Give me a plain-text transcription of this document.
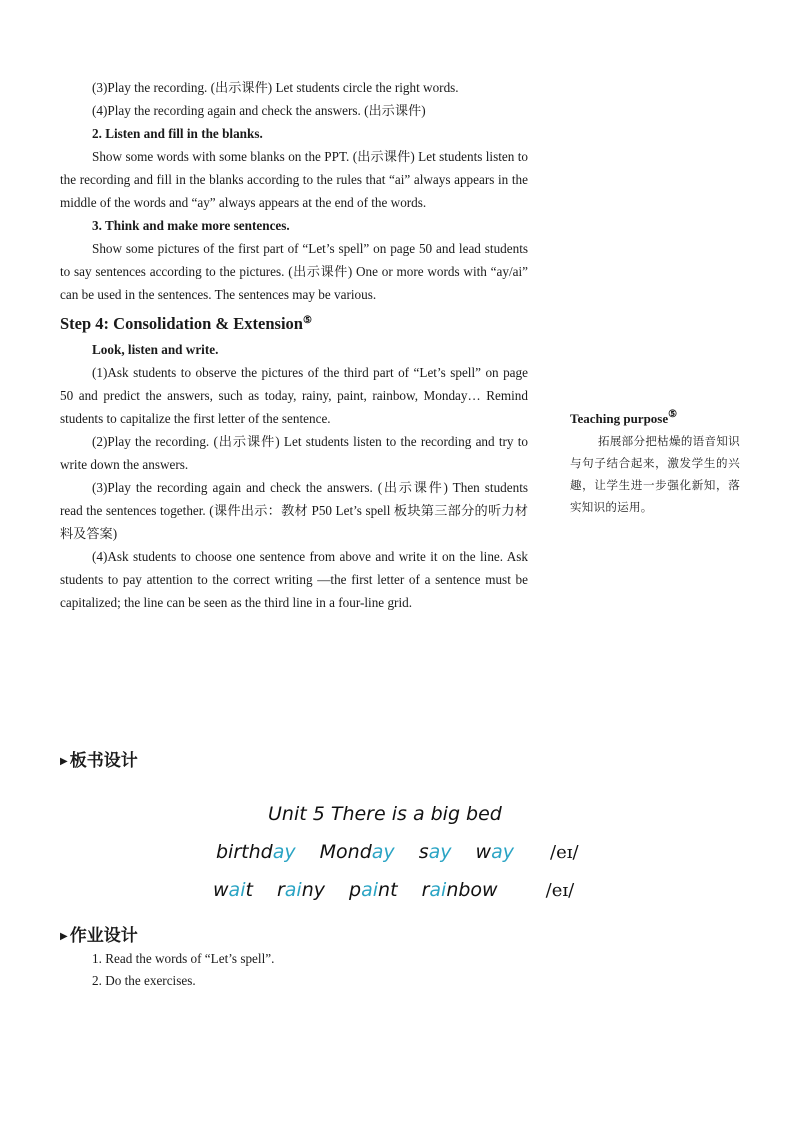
(3)Play the recording. (出示课件) Let students circle the right words.

(4)Play the recording again and check the answers. (出示课件)

2. Listen and fill in the blanks.

Show some words with some blanks on the PPT. (出示课件) Let students listen to the recording and fill in the blanks according to the rules that “ai” always appears in the middle of the words and “ay” always appears at the end of the words.

3. Think and make more sentences.

Show some pictures of the first part of “Let’s spell” on page 50 and lead students to say sentences according to the pictures. (出示课件) One or more words with “ay/ai” can be used in the sentences. The sentences may be various.

Step 4: Consolidation & Extension⑤

Look, listen and write.

(1)Ask students to observe the pictures of the third part of “Let’s spell” on page 50 and predict the answers, such as today, rainy, paint, rainbow, Monday… Remind students to capitalize the first letter of the sentence.

(2)Play the recording. (出示课件) Let students listen to the recording and try to write down the answers.

(3)Play the recording again and check the answers. (出示课件) Then students read the sentences together. (课件出示：教材 P50 Let’s spell 板块第三部分的听力材料及答案)

(4)Ask students to choose one sentence from above and write it on the line. Ask students to pay attention to the correct writing —the first letter of a sentence must be capitalized; the line can be seen as the third line in a four-line grid.

Teaching purpose⑤
拓展部分把枯燥的语音知识与句子结合起来，激发学生的兴趣，让学生进一步强化新知，落实知识的运用。
▶ 板书设计
Unit 5 There is a big bed
birthday Monday say way /eɪ/
wait rainy paint rainbow	/eɪ/
▶ 作业设计

1. Read the words of “Let’s spell”.

2. Do the exercises.
